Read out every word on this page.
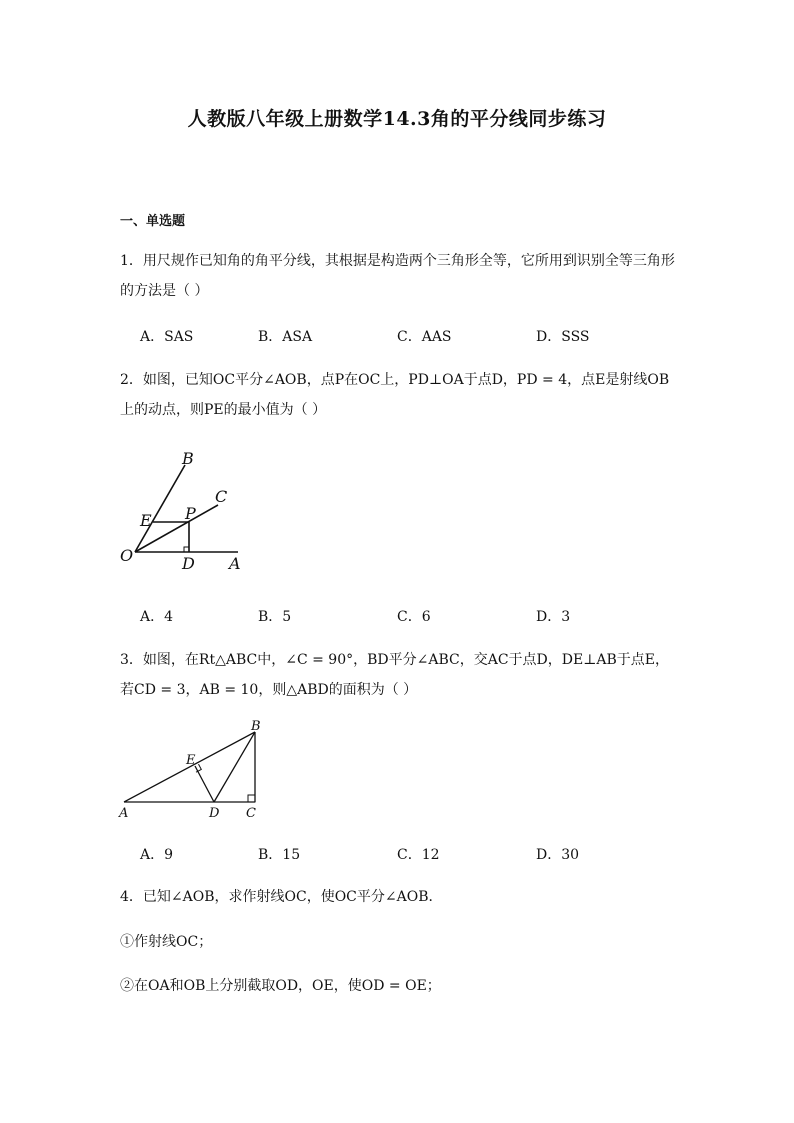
人教版八年级上册数学14.3角的平分线同步练习
一、单选题
1．用尺规作已知角的角平分线，其根据是构造两个三角形全等，它所用到识别全等三角形
的方法是（ ）
A．SAS	B．ASA	C．AAS	D．SSS
2．如图，已知OC平分∠AOB，点P在OC上，PD⊥OA于点D，PD = 4，点E是射线OB
上的动点，则PE的最小值为（ ）
B
C
E P
O	D A
A．4	B．5	C．6	D．3
3．如图，在Rt△ABC中，∠C = 90°，BD平分∠ABC，交AC于点D，DE⊥AB于点E，
若CD = 3，AB = 10，则△ABD的面积为（ ）
B
E
A	D C
A．9	B．15	C．12	D．30
4．已知∠AOB，求作射线OC，使OC平分∠AOB．
①作射线OC；
②在OA和OB上分别截取OD，OE，使OD = OE；
